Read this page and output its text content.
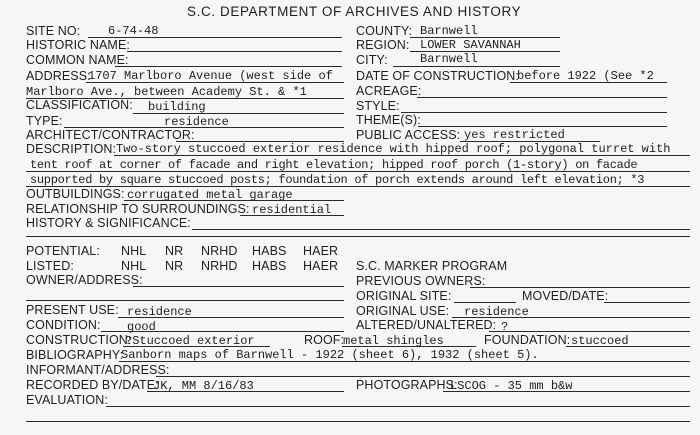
S.C. DEPARTMENT OF ARCHIVES AND HISTORY
SITE NO: 6-74-48
HISTORIC NAME:
COMMON NAME:
ADDRESS:
1707 Marlboro Avenue (west side of
Marlboro Ave., between Academy St. & *1
CLASSIFICATION: building
TYPE:	residence
ARCHITECT/CONTRACTOR:
COUNTY: Barnwell
REGION: LOWER SAVANNAH
CITY:	Barnwell
DATE OF CONSTRUCTION:
before 1922 (See *2
ACREAGE:
STYLE:
THEME(S):
PUBLIC ACCESS: yes restricted
DESCRIPTION: Two-story stuccoed exterior residence with hipped roof; polygonal turret with
tent roof at corner of facade and right elevation; hipped roof porch (1-story) on facade
supported by square stuccoed posts; foundation of porch extends around left elevation; *3
OUTBUILDINGS: corrugated metal garage
RELATIONSHIP TO SURROUNDINGS: residential
HISTORY & SIGNIFICANCE:
POTENTIAL: NHL NR NRHD HABS HAER
LISTED:	NHL NR NRHD HABS HAER S.C. MARKER PROGRAM
OWNER/ADDRESS:	PREVIOUS OWNERS:
ORIGINAL SITE:	MOVED/DATE:
PRESENT USE: residence	ORIGINAL USE: residence
CONDITION: good	ALTERED/UNALTERED: ?
CONSTRUCTION:
?Stuccoed exterior	ROOF:
metal shingles	FOUNDATION: stuccoed
BIBLIOGRAPHY:
Sanborn maps of Barnwell - 1922 (sheet 6), 1932 (sheet 5).
INFORMANT/ADDRESS:
RECORDED BY/DATE:
JK, MM 8/16/83	PHOTOGRAPHS:
LSCOG - 35 mm b&w
EVALUATION:
